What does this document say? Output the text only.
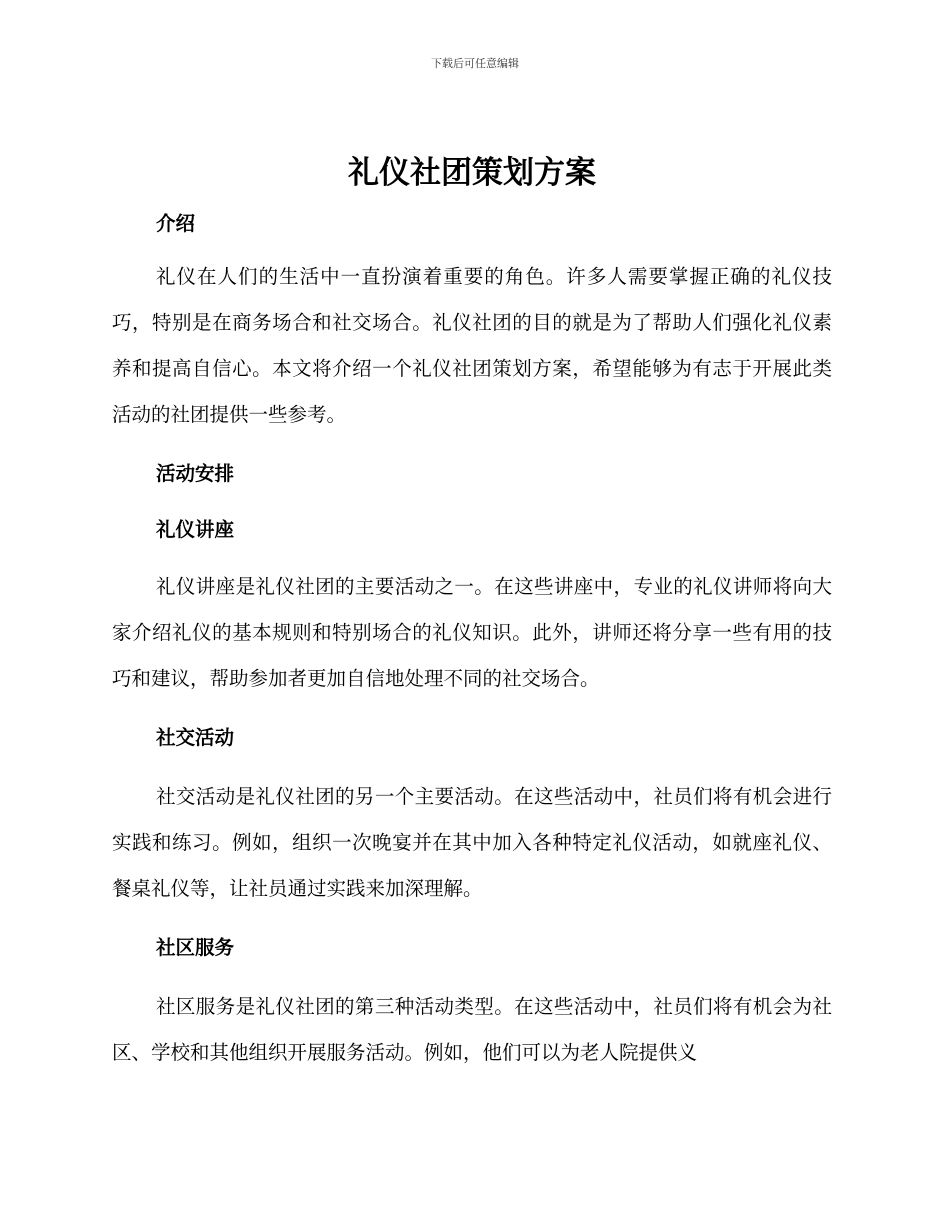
下载后可任意编辑
礼仪社团策划方案
介绍

礼仪在人们的生活中一直扮演着重要的角色。许多人需要掌握正确的礼仪技巧，特别是在商务场合和社交场合。礼仪社团的目的就是为了帮助人们强化礼仪素养和提高自信心。本文将介绍一个礼仪社团策划方案，希望能够为有志于开展此类活动的社团提供一些参考。

活动安排
礼仪讲座

礼仪讲座是礼仪社团的主要活动之一。在这些讲座中，专业的礼仪讲师将向大家介绍礼仪的基本规则和特别场合的礼仪知识。此外，讲师还将分享一些有用的技巧和建议，帮助参加者更加自信地处理不同的社交场合。

社交活动

社交活动是礼仪社团的另一个主要活动。在这些活动中，社员们将有机会进行实践和练习。例如，组织一次晚宴并在其中加入各种特定礼仪活动，如就座礼仪、餐桌礼仪等，让社员通过实践来加深理解。

社区服务

社区服务是礼仪社团的第三种活动类型。在这些活动中，社员们将有机会为社区、学校和其他组织开展服务活动。例如，他们可以为老人院提供义
